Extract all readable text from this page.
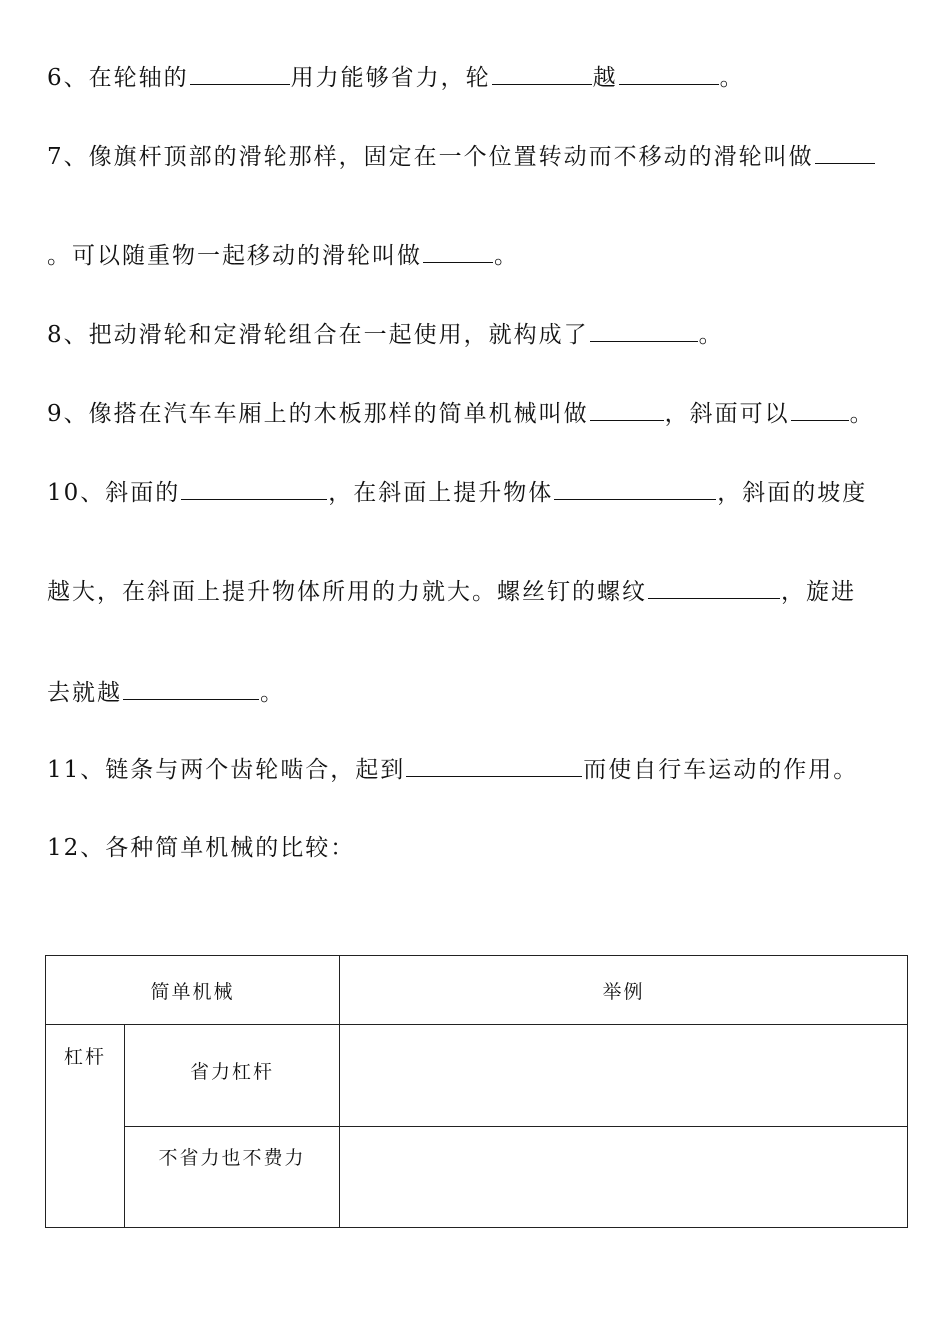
6、在轮轴的	用力能够省力，轮	越	。
7、像旗杆顶部的滑轮那样，固定在一个位置转动而不移动的滑轮叫做
。可以随重物一起移动的滑轮叫做	。
8、把动滑轮和定滑轮组合在一起使用，就构成了	。
9、像搭在汽车车厢上的木板那样的简单机械叫做	，斜面可以	。
10、斜面的	，在斜面上提升物体	，斜面的坡度
越大，在斜面上提升物体所用的力就大。螺丝钉的螺纹	，旋进
去就越	。
11、链条与两个齿轮啮合，起到	而使自行车运动的作用。
12、各种简单机械的比较：
简单机械		举例

杠杆	省力杠杆	

	不省力也不费力	
